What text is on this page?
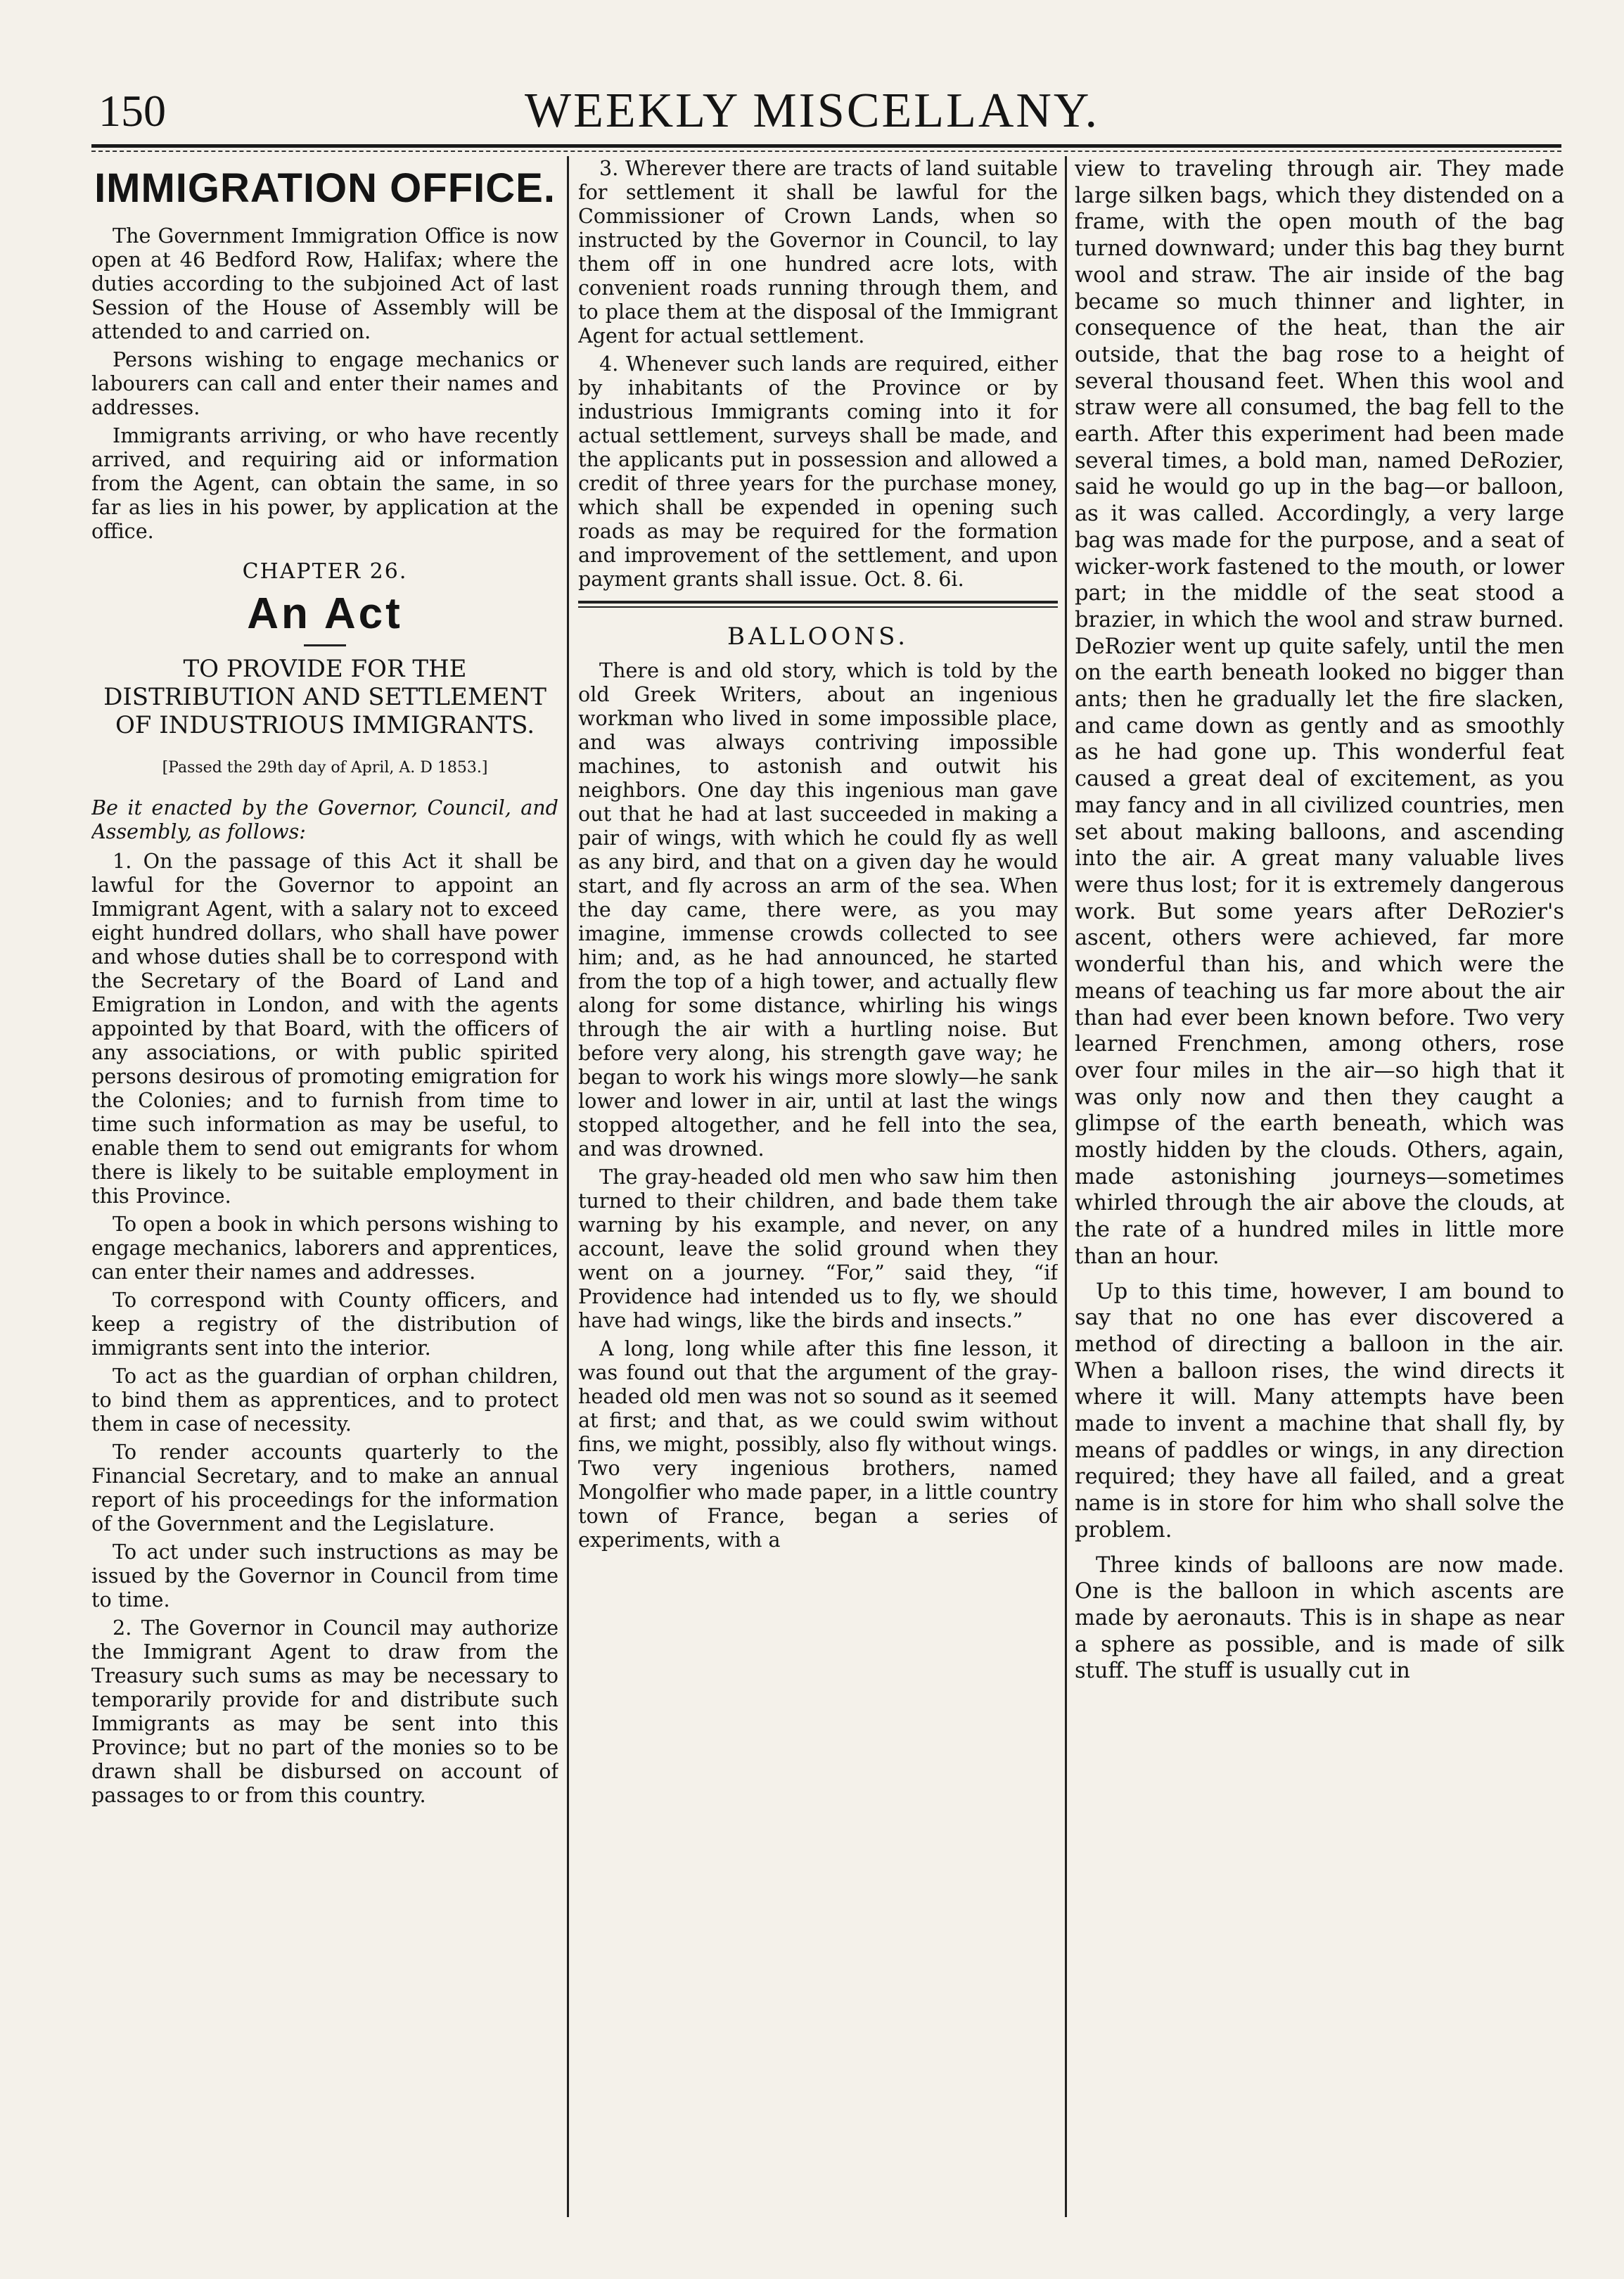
150	WEEKLY MISCELLANY.
IMMIGRATION OFFICE.

The Government Immigration Office is now open at 46 Bedford Row, Halifax; where the duties according to the subjoined Act of last Session of the House of Assembly will be attended to and carried on.

Persons wishing to engage mechanics or labourers can call and enter their names and addresses.

Immigrants arriving, or who have recently arrived, and requiring aid or information from the Agent, can obtain the same, in so far as lies in his power, by application at the office.

CHAPTER 26.
An Act
TO PROVIDE FOR THE DISTRIBUTION AND SETTLEMENT OF INDUSTRIOUS IMMIGRANTS.
[Passed the 29th day of April, A. D 1853.]
Be it enacted by the Governor, Council, and Assembly, as follows:

1. On the passage of this Act it shall be lawful for the Governor to appoint an Immigrant Agent, with a salary not to exceed eight hundred dollars, who shall have power and whose duties shall be to correspond with the Secretary of the Board of Land and Emigration in London, and with the agents appointed by that Board, with the officers of any associations, or with public spirited persons desirous of promoting emigration for the Colonies; and to furnish from time to time such information as may be useful, to enable them to send out emigrants for whom there is likely to be suitable employment in this Province.

To open a book in which persons wishing to engage mechanics, laborers and apprentices, can enter their names and addresses.

To correspond with County officers, and keep a registry of the distribution of immigrants sent into the interior.

To act as the guardian of orphan children, to bind them as apprentices, and to protect them in case of necessity.

To render accounts quarterly to the Financial Secretary, and to make an annual report of his proceedings for the information of the Government and the Legislature.

To act under such instructions as may be issued by the Governor in Council from time to time.

2. The Governor in Council may authorize the Immigrant Agent to draw from the Treasury such sums as may be necessary to temporarily provide for and distribute such Immigrants as may be sent into this Province; but no part of the monies so to be drawn shall be disbursed on account of passages to or from this country.

3. Wherever there are tracts of land suitable for settlement it shall be lawful for the Commissioner of Crown Lands, when so instructed by the Governor in Council, to lay them off in one hundred acre lots, with convenient roads running through them, and to place them at the disposal of the Immigrant Agent for actual settlement.

4. Whenever such lands are required, either by inhabitants of the Province or by industrious Immigrants coming into it for actual settlement, surveys shall be made, and the applicants put in possession and allowed a credit of three years for the purchase money, which shall be expended in opening such roads as may be required for the formation and improvement of the settlement, and upon payment grants shall issue. Oct. 8. 6i.

BALLOONS.

There is and old story, which is told by the old Greek Writers, about an ingenious workman who lived in some impossible place, and was always contriving impossible machines, to astonish and outwit his neighbors. One day this ingenious man gave out that he had at last succeeded in making a pair of wings, with which he could fly as well as any bird, and that on a given day he would start, and fly across an arm of the sea. When the day came, there were, as you may imagine, immense crowds collected to see him; and, as he had announced, he started from the top of a high tower, and actually flew along for some distance, whirling his wings through the air with a hurtling noise. But before very along, his strength gave way; he began to work his wings more slowly—he sank lower and lower in air, until at last the wings stopped altogether, and he fell into the sea, and was drowned.

The gray-headed old men who saw him then turned to their children, and bade them take warning by his example, and never, on any account, leave the solid ground when they went on a journey. “For,” said they, “if Providence had intended us to fly, we should have had wings, like the birds and insects.”

A long, long while after this fine lesson, it was found out that the argument of the gray-headed old men was not so sound as it seemed at first; and that, as we could swim without fins, we might, possibly, also fly without wings. Two very ingenious brothers, named Mongolfier who made paper, in a little country town of France, began a series of experiments, with a

view to traveling through air. They made large silken bags, which they distended on a frame, with the open mouth of the bag turned downward; under this bag they burnt wool and straw. The air inside of the bag became so much thinner and lighter, in consequence of the heat, than the air outside, that the bag rose to a height of several thousand feet. When this wool and straw were all consumed, the bag fell to the earth. After this experiment had been made several times, a bold man, named DeRozier, said he would go up in the bag—or balloon, as it was called. Accordingly, a very large bag was made for the purpose, and a seat of wicker-work fastened to the mouth, or lower part; in the middle of the seat stood a brazier, in which the wool and straw burned. DeRozier went up quite safely, until the men on the earth beneath looked no bigger than ants; then he gradually let the fire slacken, and came down as gently and as smoothly as he had gone up. This wonderful feat caused a great deal of excitement, as you may fancy and in all civilized countries, men set about making balloons, and ascending into the air. A great many valuable lives were thus lost; for it is extremely dangerous work. But some years after DeRozier's ascent, others were achieved, far more wonderful than his, and which were the means of teaching us far more about the air than had ever been known before. Two very learned Frenchmen, among others, rose over four miles in the air—so high that it was only now and then they caught a glimpse of the earth beneath, which was mostly hidden by the clouds. Others, again, made astonishing journeys—sometimes whirled through the air above the clouds, at the rate of a hundred miles in little more than an hour.

Up to this time, however, I am bound to say that no one has ever discovered a method of directing a balloon in the air. When a balloon rises, the wind directs it where it will. Many attempts have been made to invent a machine that shall fly, by means of paddles or wings, in any direction required; they have all failed, and a great name is in store for him who shall solve the problem.

Three kinds of balloons are now made. One is the balloon in which ascents are made by aeronauts. This is in shape as near a sphere as possible, and is made of silk stuff. The stuff is usually cut in
